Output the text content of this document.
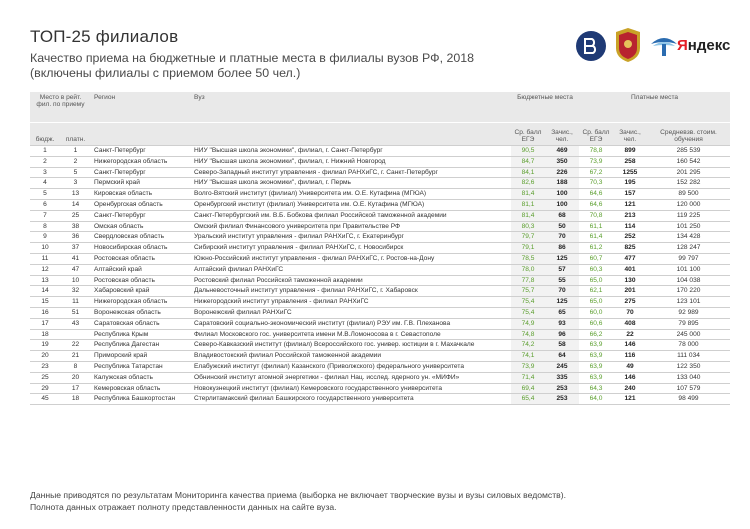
ТОП-25 филиалов
Качество приема на бюджетные и платные места в филиалы вузов РФ, 2018
(включены филиалы с приемом более 50 чел.)
Яндекс
Место в рейт. фил. по приему		Регион	Вуз	Бюджетные места		Платные места		
бюдж.	платн.			Ср. балл ЕГЭ	Зачис., чел.	Ср. балл ЕГЭ	Зачис., чел.	Средневзв. стоим. обучения
1	1	Санкт-Петербург	НИУ "Высшая школа экономики", филиал, г. Санкт-Петербург	90,5	469	78,8	899	285 539
2	2	Нижегородская область	НИУ "Высшая школа экономики", филиал, г. Нижний Новгород	84,7	350	73,9	258	160 542
3	5	Санкт-Петербург	Северо-Западный институт управления - филиал РАНХиГС, г. Санкт-Петербург	84,1	226	67,2	1255	201 295
4	3	Пермский край	НИУ "Высшая школа экономики", филиал, г. Пермь	82,6	188	70,3	195	152 282
5	13	Кировская область	Волго-Вятский институт (филиал) Университета им. О.Е. Кутафина (МГЮА)	81,4	100	64,6	157	89 500
6	14	Оренбургская область	Оренбургский институт (филиал) Университета им. О.Е. Кутафина (МГЮА)	81,1	100	64,6	121	120 000
7	25	Санкт-Петербург	Санкт-Петербургский им. В.Б. Бобкова филиал Российской таможенной академии	81,4	68	70,8	213	119 225
8	38	Омская область	Омский филиал Финансового университета при Правительстве РФ	80,3	50	61,1	114	101 250
9	36	Свердловская область	Уральский институт управления - филиал РАНХиГС, г. Екатеринбург	79,7	70	61,4	252	134 428
10	37	Новосибирская область	Сибирский институт управления - филиал РАНХиГС, г. Новосибирск	79,1	86	61,2	825	128 247
11	41	Ростовская область	Южно-Российский институт управления - филиал РАНХиГС, г. Ростов-на-Дону	78,5	125	60,7	477	99 797
12	47	Алтайский край	Алтайский филиал РАНХиГС	78,0	57	60,3	401	101 100
13	10	Ростовская область	Ростовский филиал Российской таможенной академии	77,8	55	65,0	130	104 038
14	32	Хабаровский край	Дальневосточный институт управления - филиал РАНХиГС, г. Хабаровск	75,7	70	62,1	201	170 220
15	11	Нижегородская область	Нижегородский институт управления - филиал РАНХиГС	75,4	125	65,0	275	123 101
16	51	Воронежская область	Воронежский филиал РАНХиГС	75,4	65	60,0	70	92 989
17	43	Саратовская область	Саратовский социально-экономический институт (филиал) РЭУ им. Г.В. Плеханова	74,9	93	60,6	408	79 895
18		Республика Крым	Филиал Московского гос. университета имени М.В.Ломоносова в г. Севастополе	74,8	96	66,2	22	245 000
19	22	Республика Дагестан	Северо-Кавказский институт (филиал) Всероссийского гос. универ. юстиции в г. Махачкале	74,2	58	63,9	146	78 000
20	21	Приморский край	Владивостокский филиал Российской таможенной академии	74,1	64	63,9	116	111 034
23	8	Республика Татарстан	Елабужский институт (филиал) Казанского (Приволжского) федерального университета	73,9	245	63,9	49	122 350
25	20	Калужская область	Обнинский институт атомной энергетики - филиал Нац. исслед. ядерного ун. «МИФИ»	71,4	335	63,9	146	133 040
29	17	Кемеровская область	Новокузнецкий институт (филиал) Кемеровского государственного университета	69,4	253	64,3	240	107 579
45	18	Республика Башкортостан	Стерлитамакский филиал Башкирского государственного университета	65,4	253	64,0	121	98 499
Данные приводятся по результатам Мониторинга качества приема (выборка не включает творческие вузы и вузы силовых ведомств).
Полнота данных отражает полноту представленности данных на сайте вуза.
